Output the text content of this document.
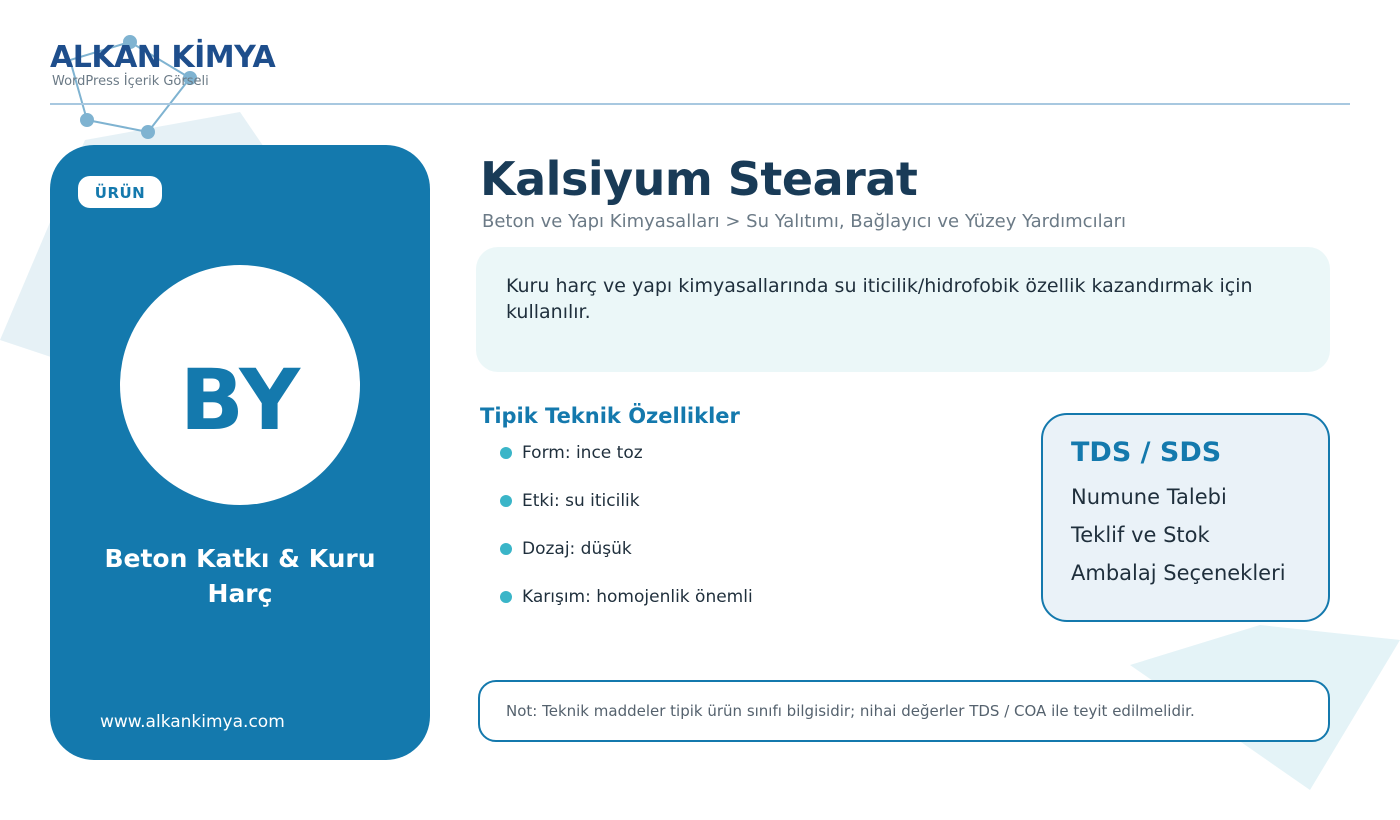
ALKAN KİMYA
WordPress İçerik Görseli
ÜRÜN
BY
Beton Katkı & Kuru Harç
www.alkankimya.com
Kalsiyum Stearat
Beton ve Yapı Kimyasalları > Su Yalıtımı, Bağlayıcı ve Yüzey Yardımcıları
Kuru harç ve yapı kimyasallarında su iticilik/hidrofobik özellik kazandırmak için kullanılır.
Tipik Teknik Özellikler
Form: ince toz
Etki: su iticilik
Dozaj: düşük
Karışım: homojenlik önemli
TDS / SDS
Numune Talebi
Teklif ve Stok
Ambalaj Seçenekleri
Not: Teknik maddeler tipik ürün sınıfı bilgisidir; nihai değerler TDS / COA ile teyit edilmelidir.
